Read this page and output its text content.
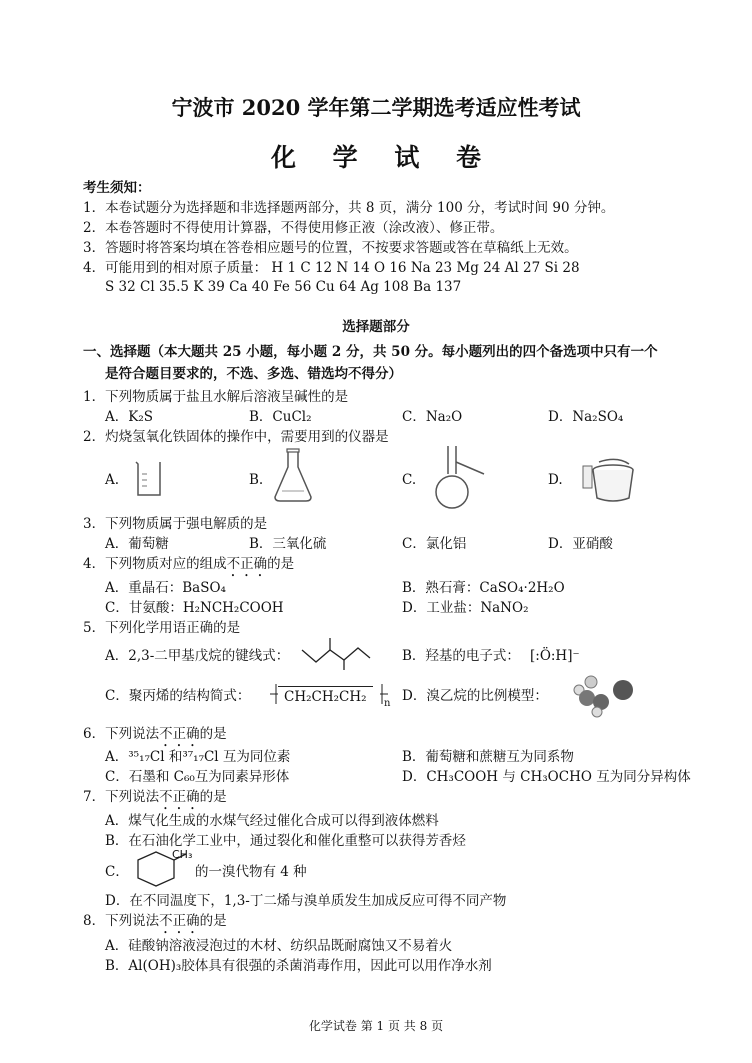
宁波市 2020 学年第二学期选考适应性考试
化 学 试 卷
考生须知：
1．本卷试题分为选择题和非选择题两部分，共 8 页，满分 100 分，考试时间 90 分钟。
2．本卷答题时不得使用计算器，不得使用修正液（涂改液）、修正带。
3．答题时将答案均填在答卷相应题号的位置，不按要求答题或答在草稿纸上无效。
4．可能用到的相对原子质量： H 1 C 12 N 14 O 16 Na 23 Mg 24 Al 27 Si 28
S 32 Cl 35.5 K 39 Ca 40 Fe 56 Cu 64 Ag 108 Ba 137
选择题部分
一、选择题（本大题共 25 小题，每小题 2 分，共 50 分。每小题列出的四个备选项中只有一个
是符合题目要求的，不选、多选、错选均不得分）
1．下列物质属于盐且水解后溶液呈碱性的是
A．K₂S	B．CuCl₂	C．Na₂O	D．Na₂SO₄
2．灼烧氢氧化铁固体的操作中，需要用到的仪器是
A.	B.	C.	D.
3．下列物质属于强电解质的是
A．葡萄糖	B．三氧化硫	C．氯化铝	D．亚硝酸
4．下列物质对应的组成不正确的是
A．重晶石：BaSO₄	B．熟石膏：CaSO₄·2H₂O
C．甘氨酸：H₂NCH₂COOH	D．工业盐：NaNO₂
5．下列化学用语正确的是
A．2,3-二甲基戊烷的键线式：	B．羟基的电子式： [:Ö:H]⁻
C．聚丙烯的结构简式：	CH₂CH₂CH₂	n D．溴乙烷的比例模型：
6．下列说法不正确的是
A．³⁵₁₇Cl 和³⁷₁₇Cl 互为同位素	B．葡萄糖和蔗糖互为同系物
C．石墨和 C₆₀互为同素异形体	D．CH₃COOH 与 CH₃OCHO 互为同分异构体
7．下列说法不正确的是
A．煤气化生成的水煤气经过催化合成可以得到液体燃料
B．在石油化学工业中，通过裂化和催化重整可以获得芳香烃
C．
CH₃
的一溴代物有 4 种
D．在不同温度下，1,3-丁二烯与溴单质发生加成反应可得不同产物
8．下列说法不正确的是
A．硅酸钠溶液浸泡过的木材、纺织品既耐腐蚀又不易着火
B．Al(OH)₃胶体具有很强的杀菌消毒作用，因此可以用作净水剂
化学试卷 第 1 页 共 8 页
